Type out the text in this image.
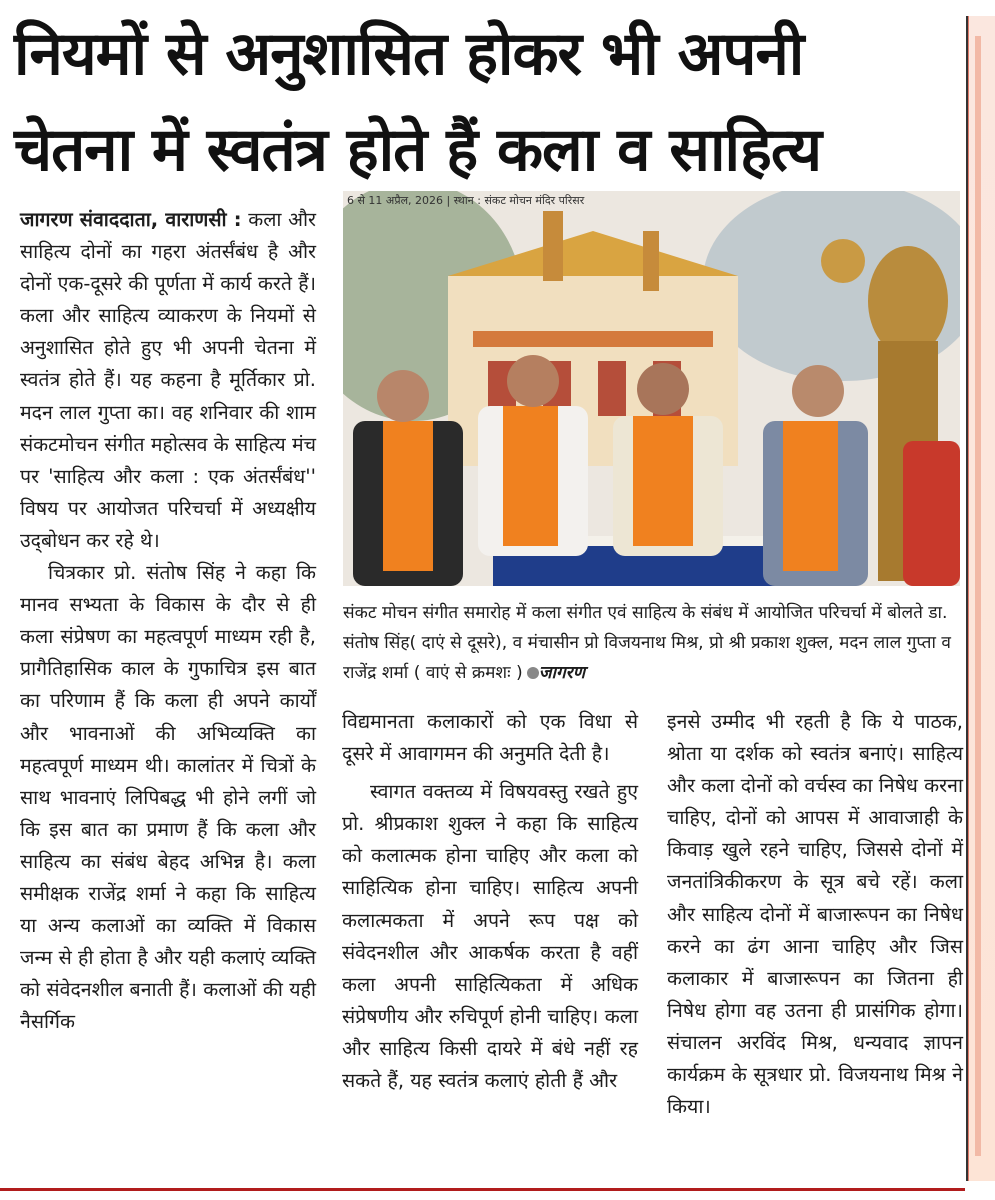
नियमों से अनुशासित होकर भी अपनी
चेतना में स्वतंत्र होते हैं कला व साहित्य

जागरण संवाददाता, वाराणसी : कला और साहित्य दोनों का गहरा अंतर्संबंध है और दोनों एक-दूसरे की पूर्णता में कार्य करते हैं। कला और साहित्य व्याकरण के नियमों से अनुशासित होते हुए भी अपनी चेतना में स्वतंत्र होते हैं। यह कहना है मूर्तिकार प्रो. मदन लाल गुप्ता का। वह शनिवार की शाम संकटमोचन संगीत महोत्सव के साहित्य मंच पर 'साहित्य और कला : एक अंतर्संबंध'' विषय पर आयोजत परिचर्चा में अध्यक्षीय उद्‌बोधन कर रहे थे।

चित्रकार प्रो. संतोष सिंह ने कहा कि मानव सभ्यता के विकास के दौर से ही कला संप्रेषण का महत्वपूर्ण माध्यम रही है, प्रागैतिहासिक काल के गुफाचित्र इस बात का परिणाम हैं कि कला ही अपने कार्यों और भावनाओं की अभिव्यक्ति का महत्वपूर्ण माध्यम थी। कालांतर में चित्रों के साथ भावनाएं लिपिबद्ध भी होने लगीं जो कि इस बात का प्रमाण हैं कि कला और साहित्य का संबंध बेहद अभिन्न है। कला समीक्षक राजेंद्र शर्मा ने कहा कि साहित्य या अन्य कलाओं का व्यक्ति में विकास जन्म से ही होता है और यही कलाएं व्यक्ति को संवेदनशील बनाती हैं। कलाओं की यही नैसर्गिक

6 से 11 अप्रैल, 2026 | स्थान : संकट मोचन मंदिर परिसर
संकट मोचन संगीत समारोह में कला संगीत एवं साहित्य के संबंध में आयोजित परिचर्चा में बोलते डा. संतोष सिंह( दाएं से दूसरे), व मंचासीन प्रो विजयनाथ मिश्र, प्रो श्री प्रकाश शुक्ल, मदन लाल गुप्ता व राजेंद्र शर्मा ( वाएं से क्रमशः ) जागरण

विद्यमानता कलाकारों को एक विधा से दूसरे में आवागमन की अनुमति देती है।

स्वागत वक्तव्य में विषयवस्तु रखते हुए प्रो. श्रीप्रकाश शुक्ल ने कहा कि साहित्य को कलात्मक होना चाहिए और कला को साहित्यिक होना चाहिए। साहित्य अपनी कलात्मकता में अपने रूप पक्ष को संवेदनशील और आकर्षक करता है वहीं कला अपनी साहित्यिकता में अधिक संप्रेषणीय और रुचिपूर्ण होनी चाहिए। कला और साहित्य किसी दायरे में बंधे नहीं रह सकते हैं, यह स्वतंत्र कलाएं होती हैं और

इनसे उम्मीद भी रहती है कि ये पाठक, श्रोता या दर्शक को स्वतंत्र बनाएं। साहित्य और कला दोनों को वर्चस्व का निषेध करना चाहिए, दोनों को आपस में आवाजाही के किवाड़ खुले रहने चाहिए, जिससे दोनों में जनतांत्रिकीकरण के सूत्र बचे रहें। कला और साहित्य दोनों में बाजारूपन का निषेध करने का ढंग आना चाहिए और जिस कलाकार में बाजारूपन का जितना ही निषेध होगा वह उतना ही प्रासंगिक होगा। संचालन अरविंद मिश्र, धन्यवाद ज्ञापन कार्यक्रम के सूत्रधार प्रो. विजयनाथ मिश्र ने किया।
